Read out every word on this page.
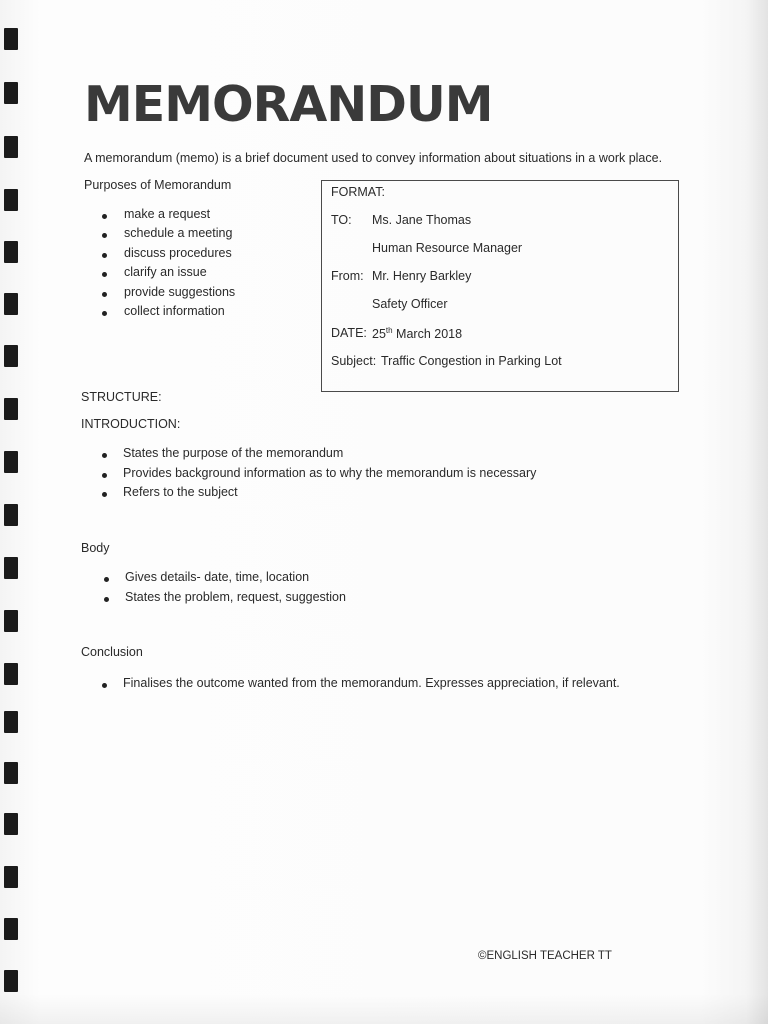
MEMORANDUM
A memorandum (memo) is a brief document used to convey information about situations in a work place.
Purposes of Memorandum
make a request
schedule a meeting
discuss procedures
clarify an issue
provide suggestions
collect information
FORMAT:
TO: Ms. Jane Thomas
Human Resource Manager
From: Mr. Henry Barkley
Safety Officer
DATE: 25th March 2018
Subject: Traffic Congestion in Parking Lot
STRUCTURE:
INTRODUCTION:
States the purpose of the memorandum
Provides background information as to why the memorandum is necessary
Refers to the subject
Body
Gives details- date, time, location
States the problem, request, suggestion
Conclusion
Finalises the outcome wanted from the memorandum. Expresses appreciation, if relevant.
©ENGLISH TEACHER TT
